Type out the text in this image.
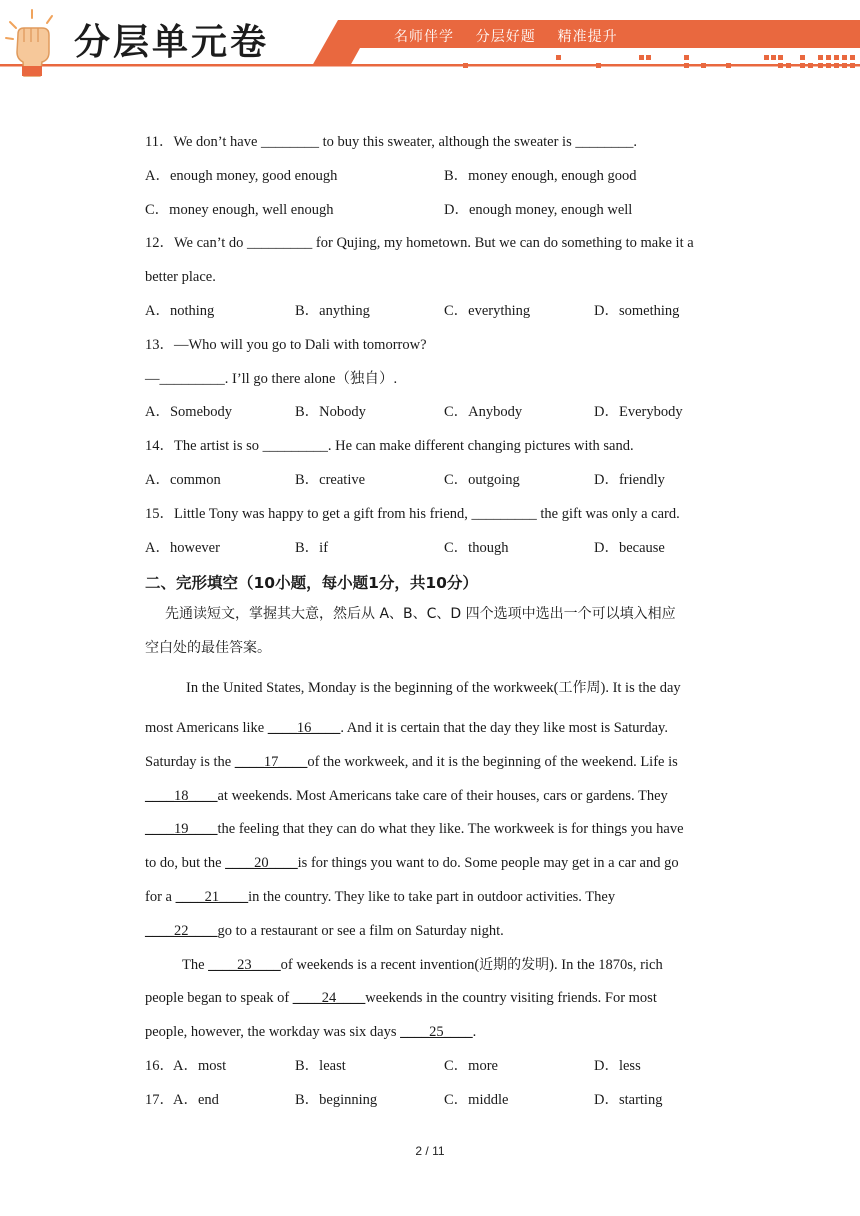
分层单元卷	名师伴学    分层好题    精准提升
11．We don’t have ________ to buy this sweater, although the sweater is ________.
A．enough money, good enough	B．money enough, enough good
C．money enough, well enough	D．enough money, enough well
12．We can’t do _________ for Qujing, my hometown. But we can do something to make it a
better place.
A．nothing	B．anything	C．everything	D．something
13．—Who will you go to Dali with tomorrow?
—_________. I’ll go there alone（独自）.
A．Somebody	B．Nobody	C．Anybody	D．Everybody
14．The artist is so _________. He can make different changing pictures with sand.
A．common	B．creative	C．outgoing	D．friendly
15．Little Tony was happy to get a gift from his friend, _________ the gift was only a card.
A．however	B．if	C．though	D．because
二、完形填空（10小题，每小题1分，共10分）
先通读短文，掌握其大意，然后从 A、B、C、D 四个选项中选出一个可以填入相应
空白处的最佳答案。
In the United States, Monday is the beginning of the workweek(工作周). It is the day
most Americans like ____16____. And it is certain that the day they like most is Saturday.
Saturday is the ____17____of the workweek, and it is the beginning of the weekend. Life is
____18____at weekends. Most Americans take care of their houses, cars or gardens. They
____19____the feeling that they can do what they like. The workweek is for things you have
to do, but the ____20____is for things you want to do. Some people may get in a car and go
for a ____21____in the country. They like to take part in outdoor activities. They
____22____go to a restaurant or see a film on Saturday night.
The ____23____of weekends is a recent invention(近期的发明). In the 1870s, rich
people began to speak of ____24____weekends in the country visiting friends. For most
people, however, the workday was six days ____25____.
16． A．most	B．least	C．more	D．less
17． A．end	B．beginning	C．middle	D．starting
2 / 11
